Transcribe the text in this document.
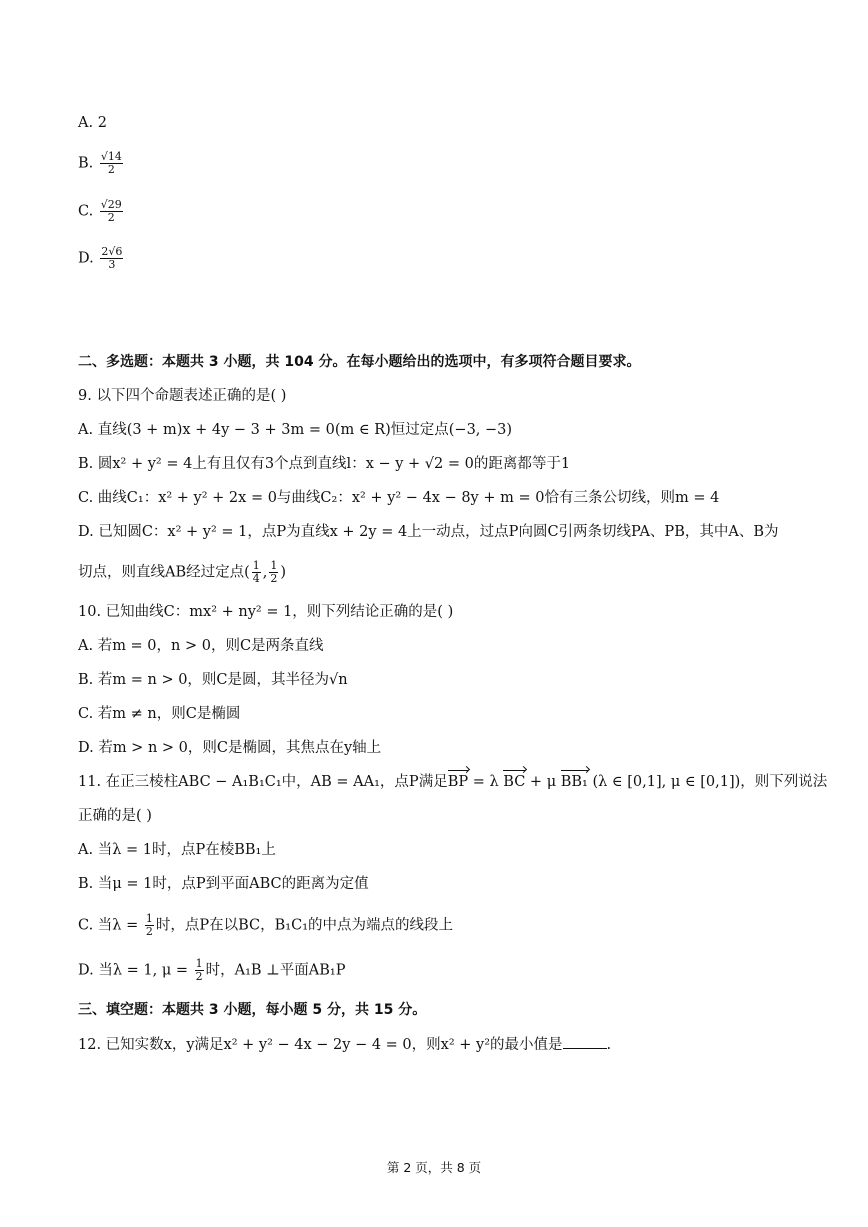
A. 2
B. $\frac{√14}{2}$
C. $\frac{√29}{2}$
D. $\frac{2√6}{3}$
二、多选题：本题共 3 小题，共 104 分。在每小题给出的选项中，有多项符合题目要求。
9. 以下四个命题表述正确的是( )
A. 直线(3 + m)x + 4y − 3 + 3m = 0(m ∈ R)恒过定点(−3, −3)
B. 圆x² + y² = 4上有且仅有3个点到直线l：x − y + √2 = 0的距离都等于1
C. 曲线C₁：x² + y² + 2x = 0与曲线C₂：x² + y² − 4x − 8y + m = 0恰有三条公切线，则m = 4
D. 已知圆C：x² + y² = 1，点P为直线x + 2y = 4上一动点，过点P向圆C引两条切线PA、PB，其中A、B为
切点，则直线AB经过定点( $\frac{1}{4}$ , $\frac{1}{2}$ )
10. 已知曲线C：mx² + ny² = 1，则下列结论正确的是( )
A. 若m = 0，n > 0，则C是两条直线
B. 若m = n > 0，则C是圆，其半径为√n
C. 若m ≠ n，则C是椭圆
D. 若m > n > 0，则C是椭圆，其焦点在y轴上
11. 在正三棱柱ABC − A₁B₁C₁中，AB = AA₁，点P满足BP = λ BC + μ BB₁ (λ ∈ [0,1], μ ∈ [0,1])，则下列说法
正确的是( )
A. 当λ = 1时，点P在棱BB₁上
B. 当μ = 1时，点P到平面ABC的距离为定值
C. 当$\lambda = \frac{1}{2}$ 时，点P在以BC，B₁C₁的中点为端点的线段上
D. 当λ = 1, $\mu = \frac{1}{2}$ 时，A₁B ⊥平面AB₁P
三、填空题：本题共 3 小题，每小题 5 分，共 15 分。
12. 已知实数x，y满足x² + y² − 4x − 2y − 4 = 0，则x² + y²的最小值是	.
第 2 页，共 8 页
